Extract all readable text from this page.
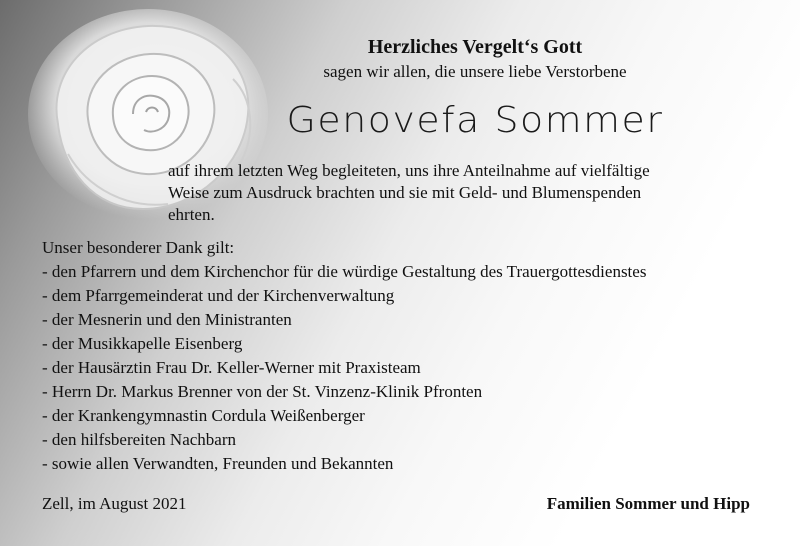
Herzliches Vergelt‘s Gott
sagen wir allen, die unsere liebe Verstorbene
Genovefa Sommer
auf ihrem letzten Weg begleiteten, uns ihre Anteilnahme auf vielfältige
Weise zum Ausdruck brachten und sie mit Geld- und Blumenspenden
ehrten.
Unser besonderer Dank gilt:
- den Pfarrern und dem Kirchenchor für die würdige Gestaltung des Trauergottesdienstes
- dem Pfarrgemeinderat und der Kirchenverwaltung
- der Mesnerin und den Ministranten
- der Musikkapelle Eisenberg
- der Hausärztin Frau Dr. Keller-Werner mit Praxisteam
- Herrn Dr. Markus Brenner von der St. Vinzenz-Klinik Pfronten
- der Krankengymnastin Cordula Weißenberger
- den hilfsbereiten Nachbarn
- sowie allen Verwandten, Freunden und Bekannten
Zell, im August 2021	Familien Sommer und Hipp
